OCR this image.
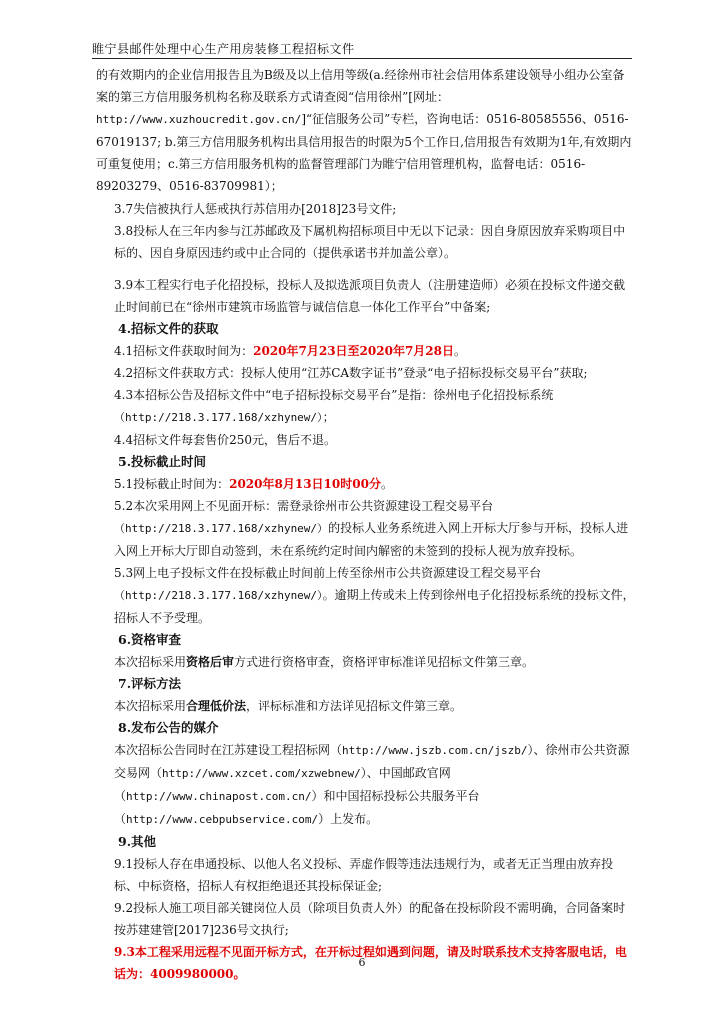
睢宁县邮件处理中心生产用房装修工程招标文件

的有效期内的企业信用报告且为B级及以上信用等级(a.经徐州市社会信用体系建设领导小组办公室备案的第三方信用服务机构名称及联系方式请查阅“信用徐州”[网址：http://www.xuzhoucredit.gov.cn/]“征信服务公司”专栏，咨询电话：0516-80585556、0516-67019137; b.第三方信用服务机构出具信用报告的时限为5个工作日,信用报告有效期为1年,有效期内可重复使用；c.第三方信用服务机构的监督管理部门为睢宁信用管理机构，监督电话：0516-89203279、0516-83709981）；

3.7失信被执行人惩戒执行苏信用办[2018]23号文件;

3.8投标人在三年内参与江苏邮政及下属机构招标项目中无以下记录：因自身原因放弃采购项目中标的、因自身原因违约或中止合同的（提供承诺书并加盖公章）。

3.9本工程实行电子化招投标，投标人及拟选派项目负责人（注册建造师）必须在投标文件递交截止时间前已在“徐州市建筑市场监管与诚信信息一体化工作平台”中备案;

4.招标文件的获取

4.1招标文件获取时间为：2020年7月23日至2020年7月28日。

4.2招标文件获取方式：投标人使用“江苏CA数字证书”登录“电子招标投标交易平台”获取;

4.3本招标公告及招标文件中“电子招标投标交易平台”是指：徐州电子化招投标系统（http://218.3.177.168/xzhynew/）；

4.4招标文件每套售价250元，售后不退。

5.投标截止时间

5.1投标截止时间为：2020年8月13日10时00分。

5.2本次采用网上不见面开标：需登录徐州市公共资源建设工程交易平台（http://218.3.177.168/xzhynew/）的投标人业务系统进入网上开标大厅参与开标，投标人进入网上开标大厅即自动签到，未在系统约定时间内解密的未签到的投标人视为放弃投标。

5.3网上电子投标文件在投标截止时间前上传至徐州市公共资源建设工程交易平台（http://218.3.177.168/xzhynew/）。逾期上传或未上传到徐州电子化招投标系统的投标文件，招标人不予受理。

6.资格审查

本次招标采用资格后审方式进行资格审查，资格评审标准详见招标文件第三章。

7.评标方法

本次招标采用合理低价法，评标标准和方法详见招标文件第三章。

8.发布公告的媒介

本次招标公告同时在江苏建设工程招标网（http://www.jszb.com.cn/jszb/）、徐州市公共资源交易网（http://www.xzcet.com/xzwebnew/）、中国邮政官网（http://www.chinapost.com.cn/）和中国招标投标公共服务平台（http://www.cebpubservice.com/）上发布。

9.其他

9.1投标人存在串通投标、以他人名义投标、弄虚作假等违法违规行为，或者无正当理由放弃投标、中标资格，招标人有权拒绝退还其投标保证金;

9.2投标人施工项目部关键岗位人员（除项目负责人外）的配备在投标阶段不需明确，合同备案时按苏建建管[2017]236号文执行;

9.3本工程采用远程不见面开标方式，在开标过程如遇到问题，请及时联系技术支持客服电话，电话为：4009980000。

6
